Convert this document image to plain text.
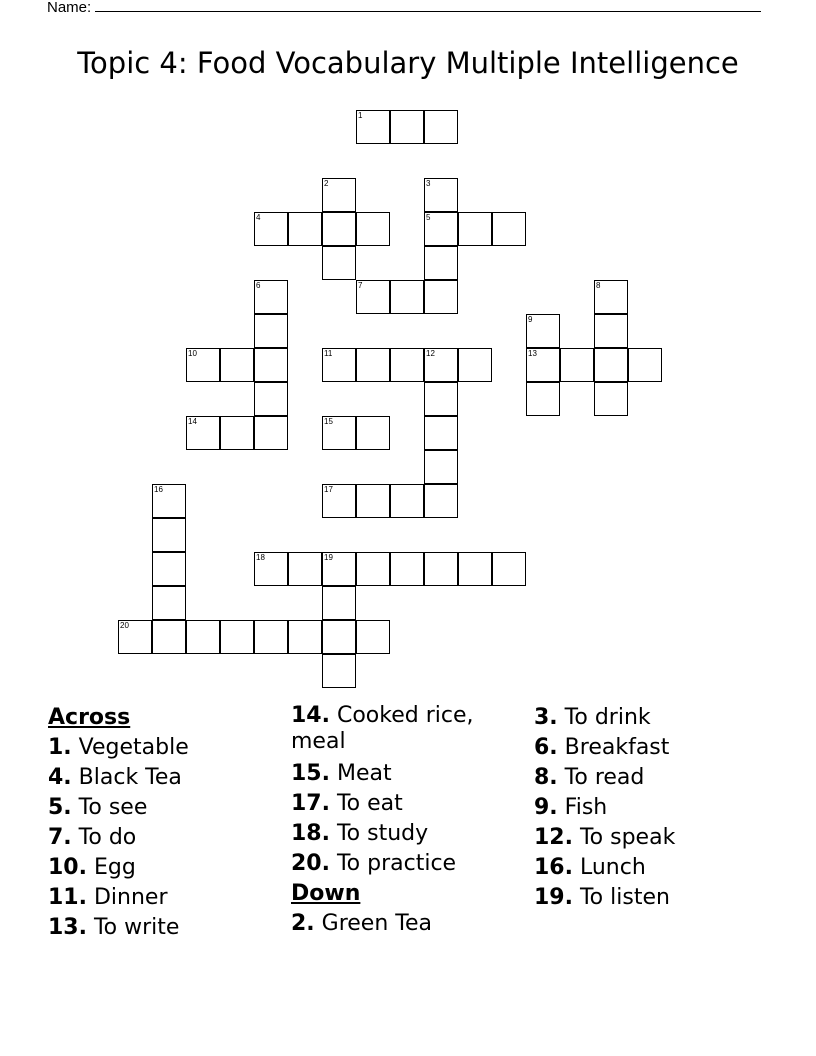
Name:
Topic 4: Food Vocabulary Multiple Intelligence
1
2	3
5
4
6	7	8
9
13
10	11	12
14	15
16	17
18	19
20
Across
1. Vegetable
4. Black Tea
5. To see
7. To do
10. Egg
11. Dinner
13. To write
14. Cooked rice, meal
15. Meat
17. To eat
18. To study
20. To practice
Down
2. Green Tea
3. To drink
6. Breakfast
8. To read
9. Fish
12. To speak
16. Lunch
19. To listen
